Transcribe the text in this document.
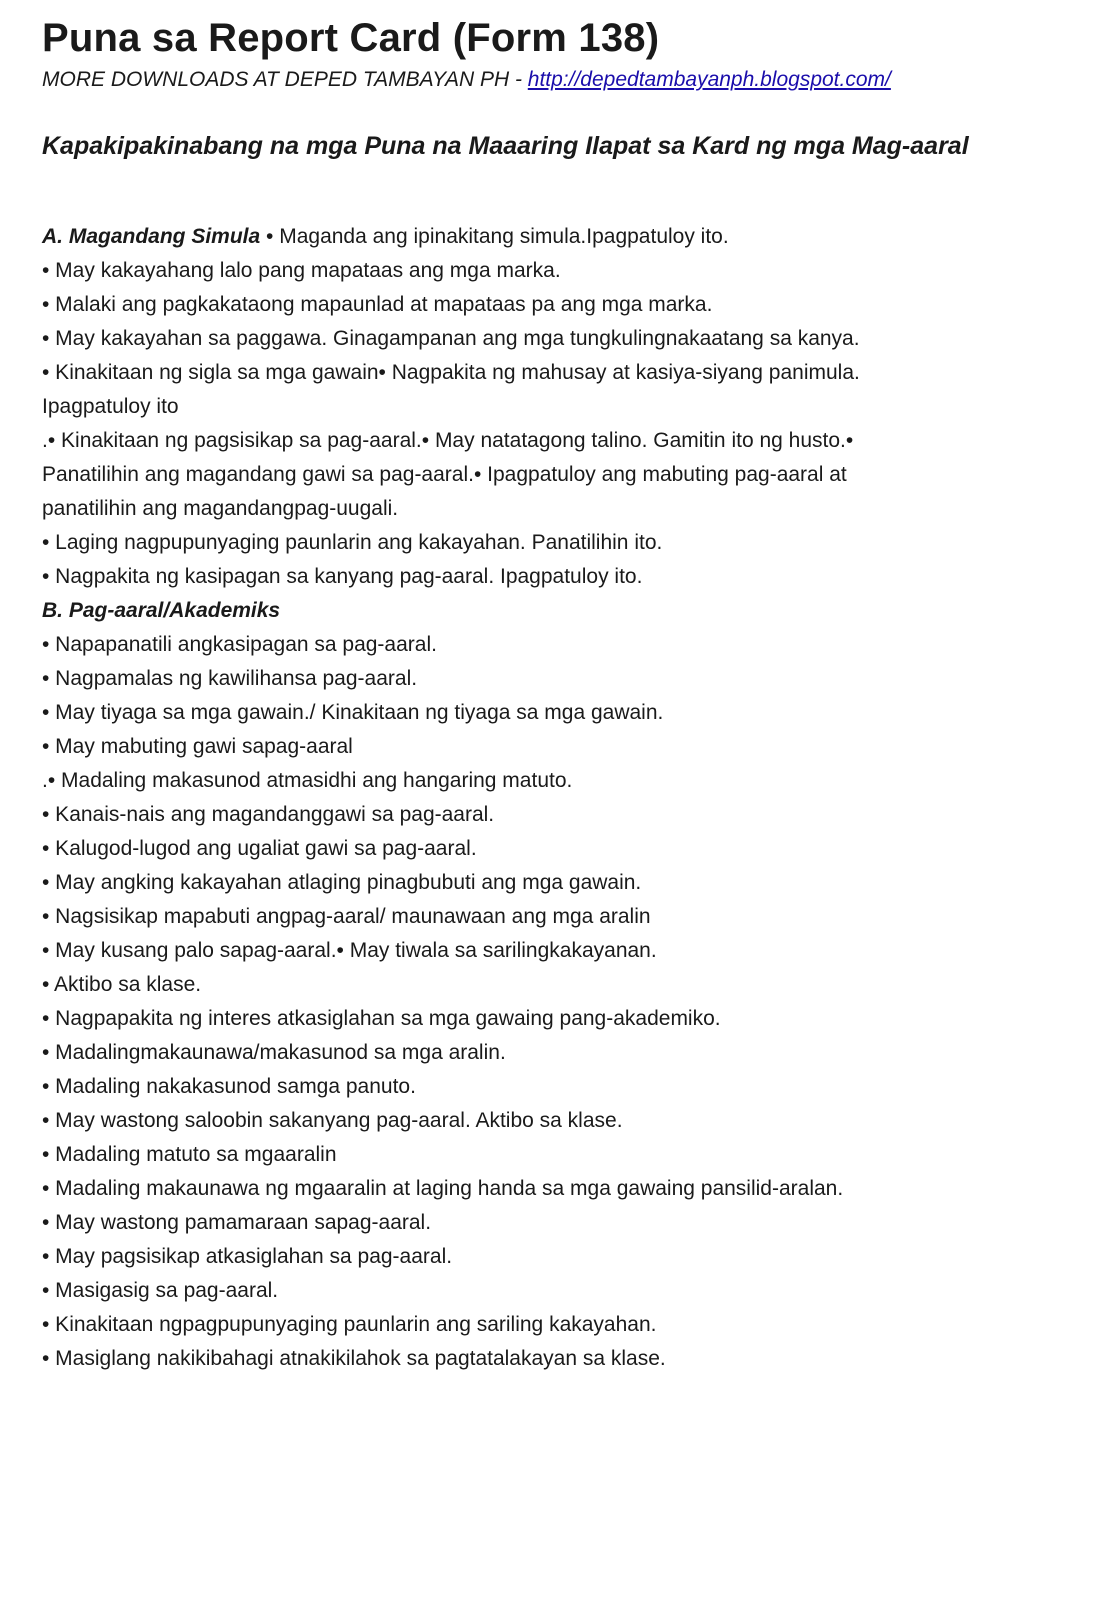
Puna sa Report Card (Form 138)

MORE DOWNLOADS AT DEPED TAMBAYAN PH - http://depedtambayanph.blogspot.com/

Kapakipakinabang na mga Puna na Maaaring Ilapat sa Kard ng mga Mag-aaral

A. Magandang Simula • Maganda ang ipinakitang simula.Ipagpatuloy ito.

• May kakayahang lalo pang mapataas ang mga marka.

• Malaki ang pagkakataong mapaunlad at mapataas pa ang mga marka.

• May kakayahan sa paggawa. Ginagampanan ang mga tungkulingnakaatang sa kanya.

• Kinakitaan ng sigla sa mga gawain• Nagpakita ng mahusay at kasiya-siyang panimula.

Ipagpatuloy ito

.• Kinakitaan ng pagsisikap sa pag-aaral.• May natatagong talino. Gamitin ito ng husto.•

Panatilihin ang magandang gawi sa pag-aaral.• Ipagpatuloy ang mabuting pag-aaral at

panatilihin ang magandangpag-uugali.

• Laging nagpupunyaging paunlarin ang kakayahan. Panatilihin ito.

• Nagpakita ng kasipagan sa kanyang pag-aaral. Ipagpatuloy ito.

B. Pag-aaral/Akademiks

• Napapanatili angkasipagan sa pag-aaral.

• Nagpamalas ng kawilihansa pag-aaral.

• May tiyaga sa mga gawain./ Kinakitaan ng tiyaga sa mga gawain.

• May mabuting gawi sapag-aaral

.• Madaling makasunod atmasidhi ang hangaring matuto.

• Kanais-nais ang magandanggawi sa pag-aaral.

• Kalugod-lugod ang ugaliat gawi sa pag-aaral.

• May angking kakayahan atlaging pinagbubuti ang mga gawain.

• Nagsisikap mapabuti angpag-aaral/ maunawaan ang mga aralin

• May kusang palo sapag-aaral.• May tiwala sa sarilingkakayanan.

• Aktibo sa klase.

• Nagpapakita ng interes atkasiglahan sa mga gawaing pang-akademiko.

• Madalingmakaunawa/makasunod sa mga aralin.

• Madaling nakakasunod samga panuto.

• May wastong saloobin sakanyang pag-aaral. Aktibo sa klase.

• Madaling matuto sa mgaaralin

• Madaling makaunawa ng mgaaralin at laging handa sa mga gawaing pansilid-aralan.

• May wastong pamamaraan sapag-aaral.

• May pagsisikap atkasiglahan sa pag-aaral.

• Masigasig sa pag-aaral.

• Kinakitaan ngpagpupunyaging paunlarin ang sariling kakayahan.

• Masiglang nakikibahagi atnakikilahok sa pagtatalakayan sa klase.
